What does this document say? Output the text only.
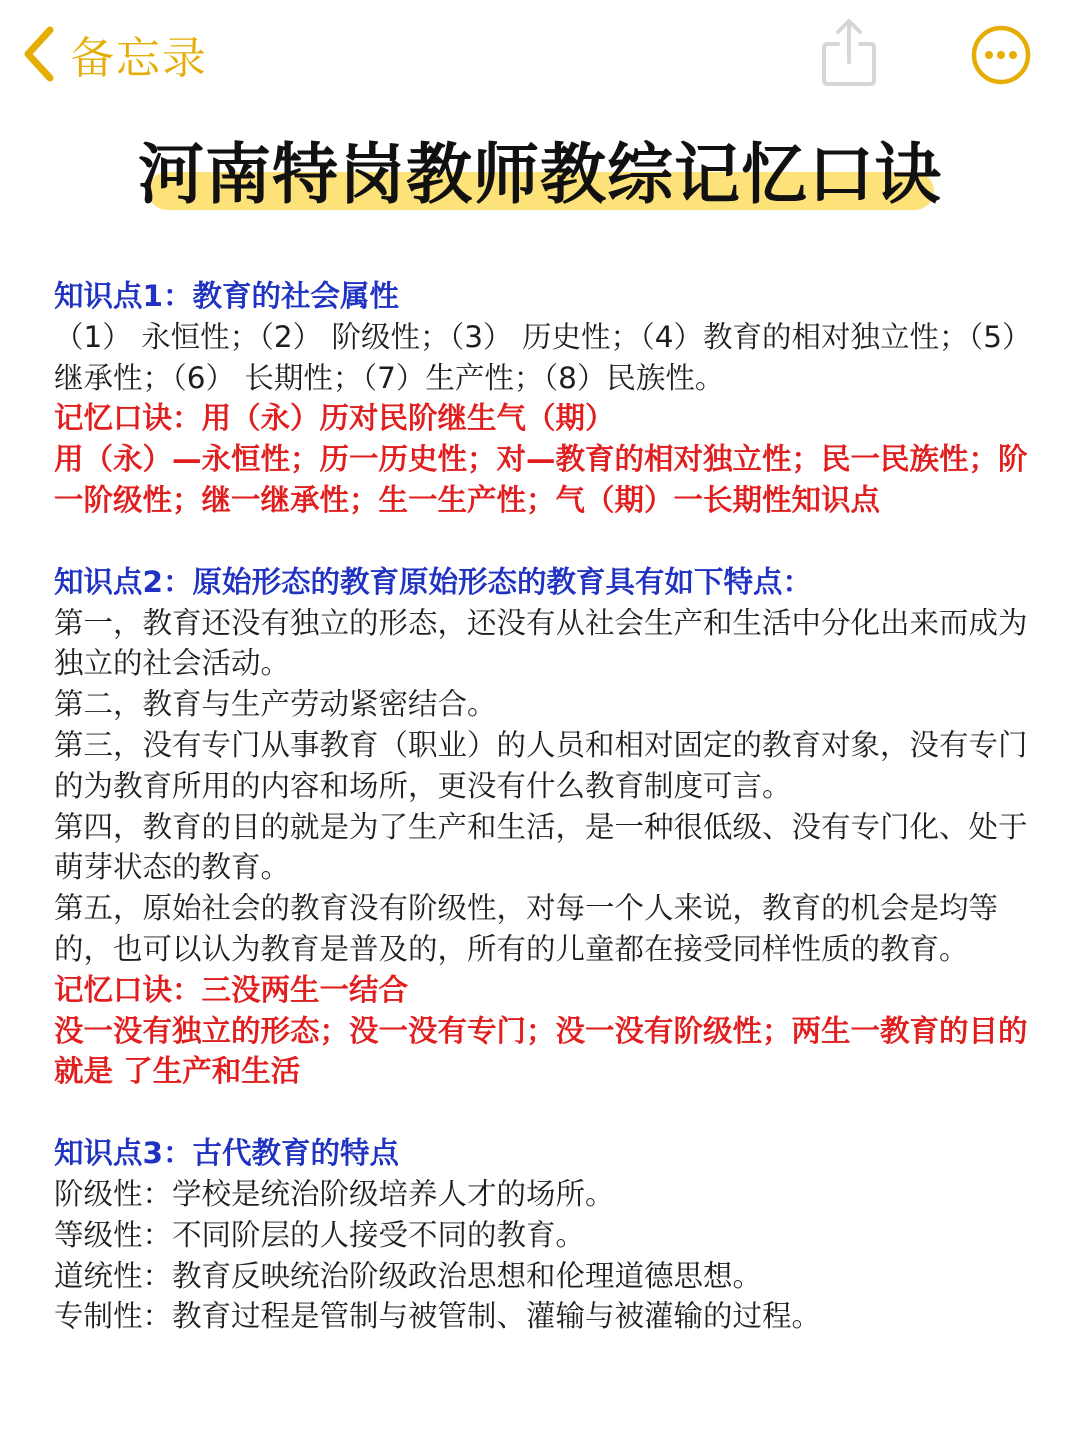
备忘录
河南特岗教师教综记忆口诀

知识点1：教育的社会属性

（1） 永恒性；（2） 阶级性；（3） 历史性；（4）教育的相对独立性；（5） 继承性；（6） 长期性；（7）生产性；（8）民族性。

记忆口诀：用（永）历对民阶继生气（期）

用（永）—永恒性；历一历史性；对—教育的相对独立性；民一民族性；阶一阶级性；继一继承性；生一生产性；气（期）一长期性知识点

知识点2：原始形态的教育原始形态的教育具有如下特点：

第一，教育还没有独立的形态，还没有从社会生产和生活中分化出来而成为独立的社会活动。

第二，教育与生产劳动紧密结合。

第三，没有专门从事教育（职业）的人员和相对固定的教育对象，没有专门的为教育所用的内容和场所，更没有什么教育制度可言。

第四，教育的目的就是为了生产和生活，是一种很低级、没有专门化、处于萌芽状态的教育。

第五，原始社会的教育没有阶级性，对每一个人来说，教育的机会是均等的，也可以认为教育是普及的，所有的儿童都在接受同样性质的教育。

记忆口诀：三没两生一结合

没一没有独立的形态；没一没有专门；没一没有阶级性；两生一教育的目的就是 了生产和生活

知识点3：古代教育的特点

阶级性：学校是统治阶级培养人才的场所。

等级性：不同阶层的人接受不同的教育。

道统性：教育反映统治阶级政治思想和伦理道德思想。

专制性：教育过程是管制与被管制、灌输与被灌输的过程。
